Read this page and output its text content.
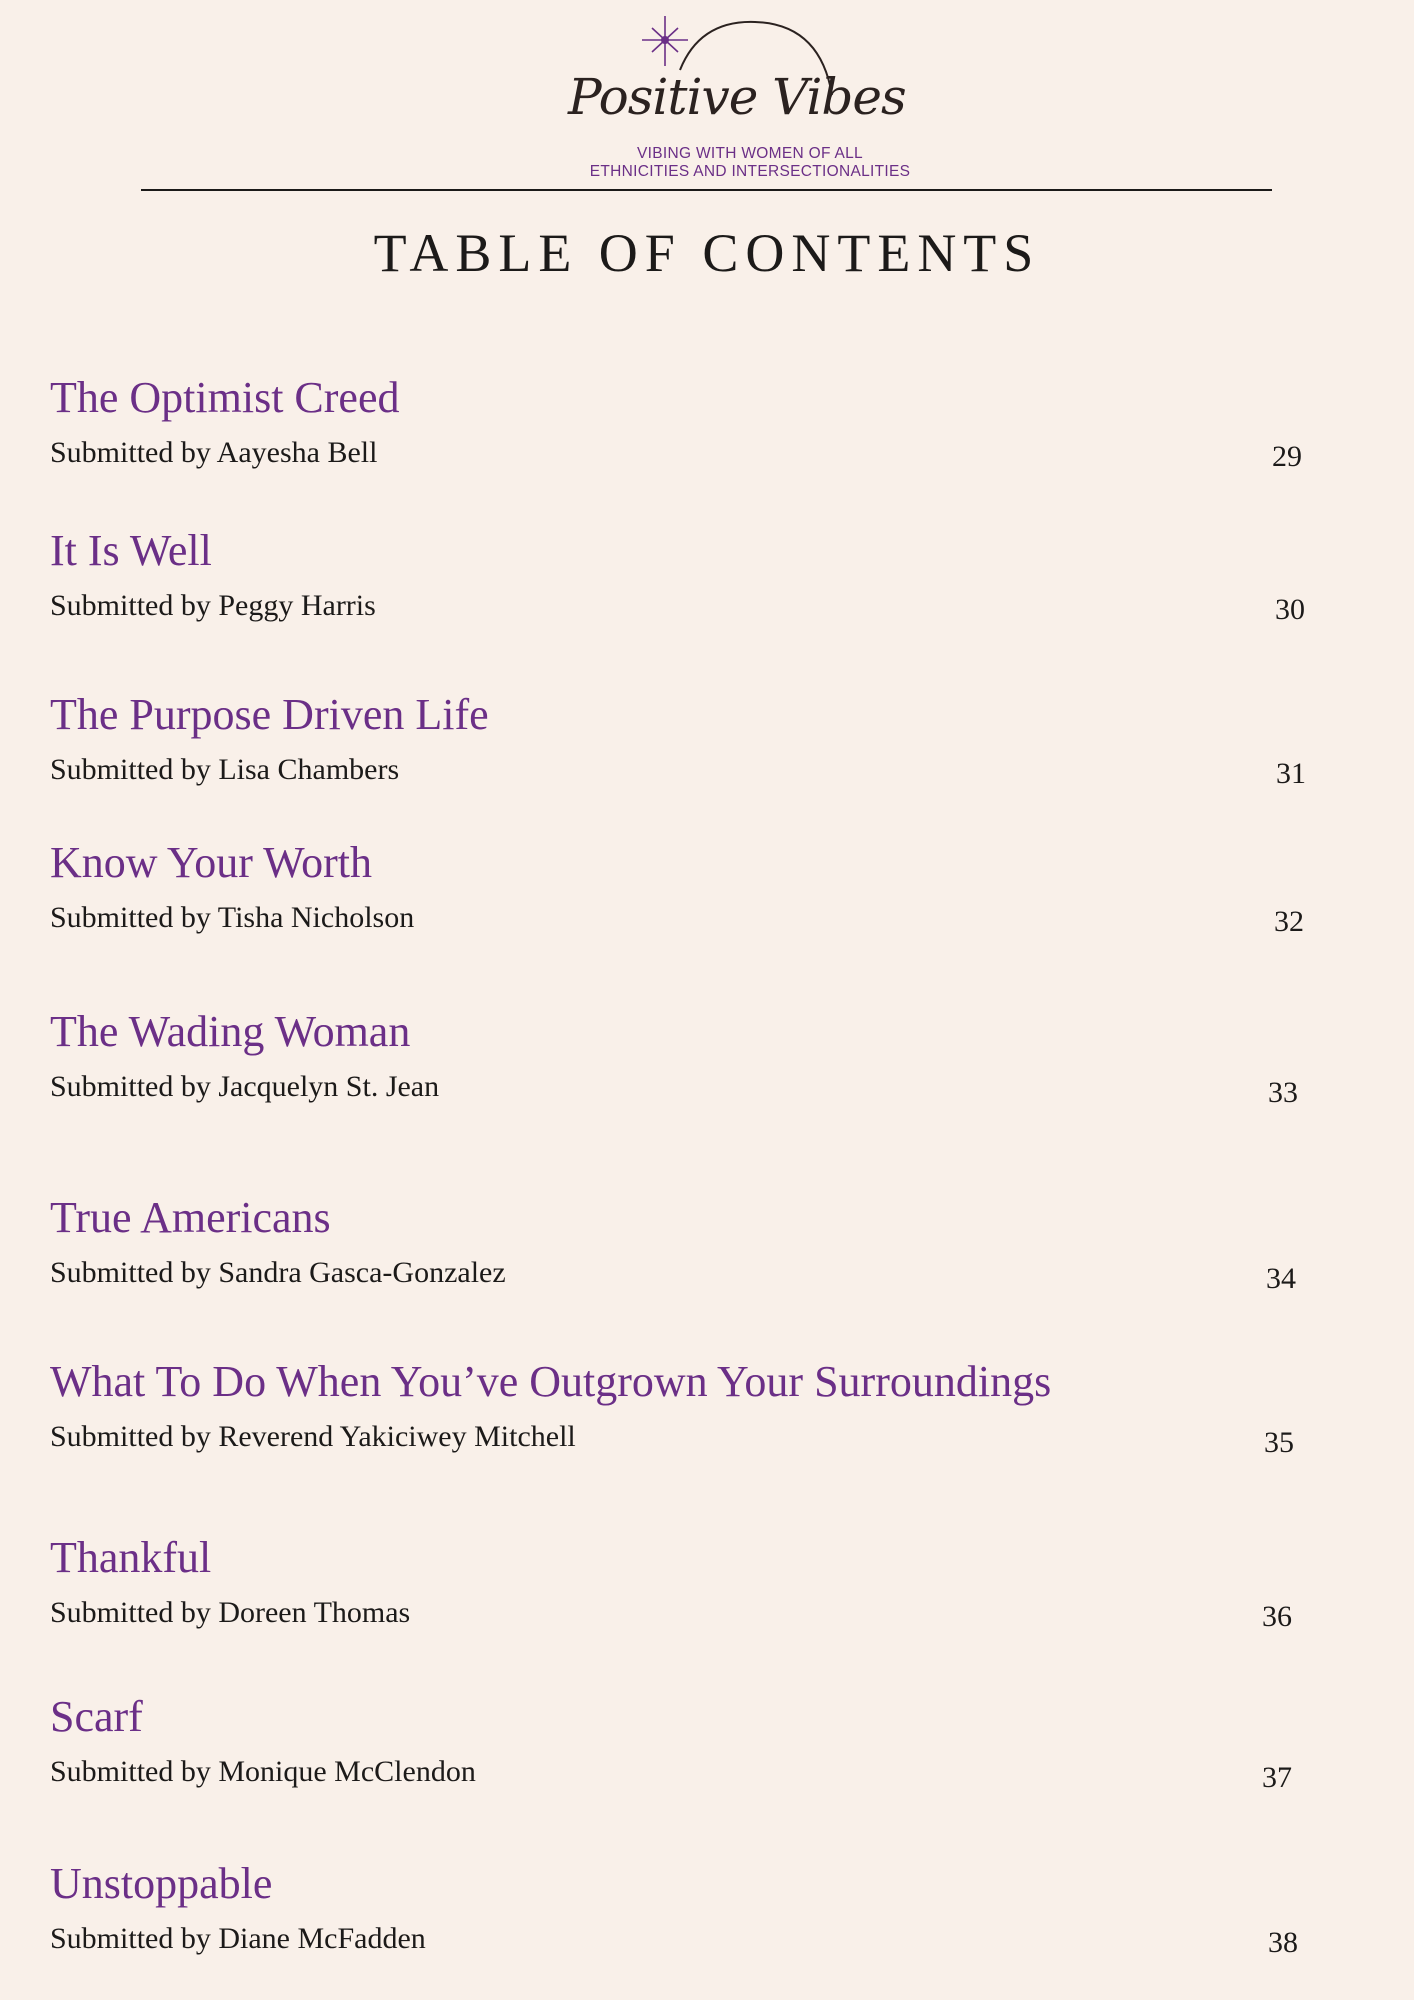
Positive Vibes
VIBING WITH WOMEN OF ALL
ETHNICITIES AND INTERSECTIONALITIES
TABLE OF CONTENTS
The Optimist Creed
Submitted by Aayesha Bell	29
It Is Well
Submitted by Peggy Harris	30
The Purpose Driven Life
Submitted by Lisa Chambers	31
Know Your Worth
Submitted by Tisha Nicholson	32
The Wading Woman
Submitted by Jacquelyn St. Jean	33
True Americans
Submitted by Sandra Gasca-Gonzalez	34
What To Do When You’ve Outgrown Your Surroundings
Submitted by Reverend Yakiciwey Mitchell	35
Thankful
Submitted by Doreen Thomas	36
Scarf
Submitted by Monique McClendon	37
Unstoppable
Submitted by Diane McFadden	38
